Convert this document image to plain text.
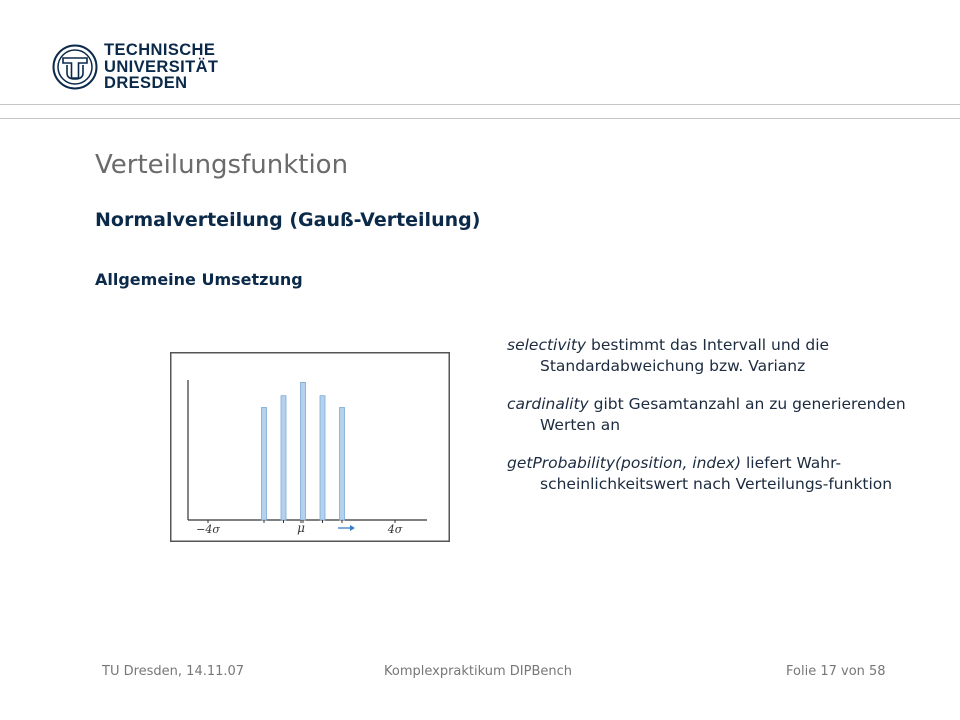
TECHNISCHE
UNIVERSITÄT
DRESDEN
Verteilungsfunktion
Normalverteilung (Gauß-Verteilung)
Allgemeine Umsetzung
−4σ	μ	4σ

selectivity bestimmt das Intervall und die Standardabweichung bzw. Varianz

cardinality gibt Gesamtanzahl an zu generierenden Werten an

getProbability(position, index) liefert Wahr-scheinlichkeitswert nach Verteilungs-funktion

TU Dresden, 14.11.07	Komplexpraktikum DIPBench	Folie 17 von 58
